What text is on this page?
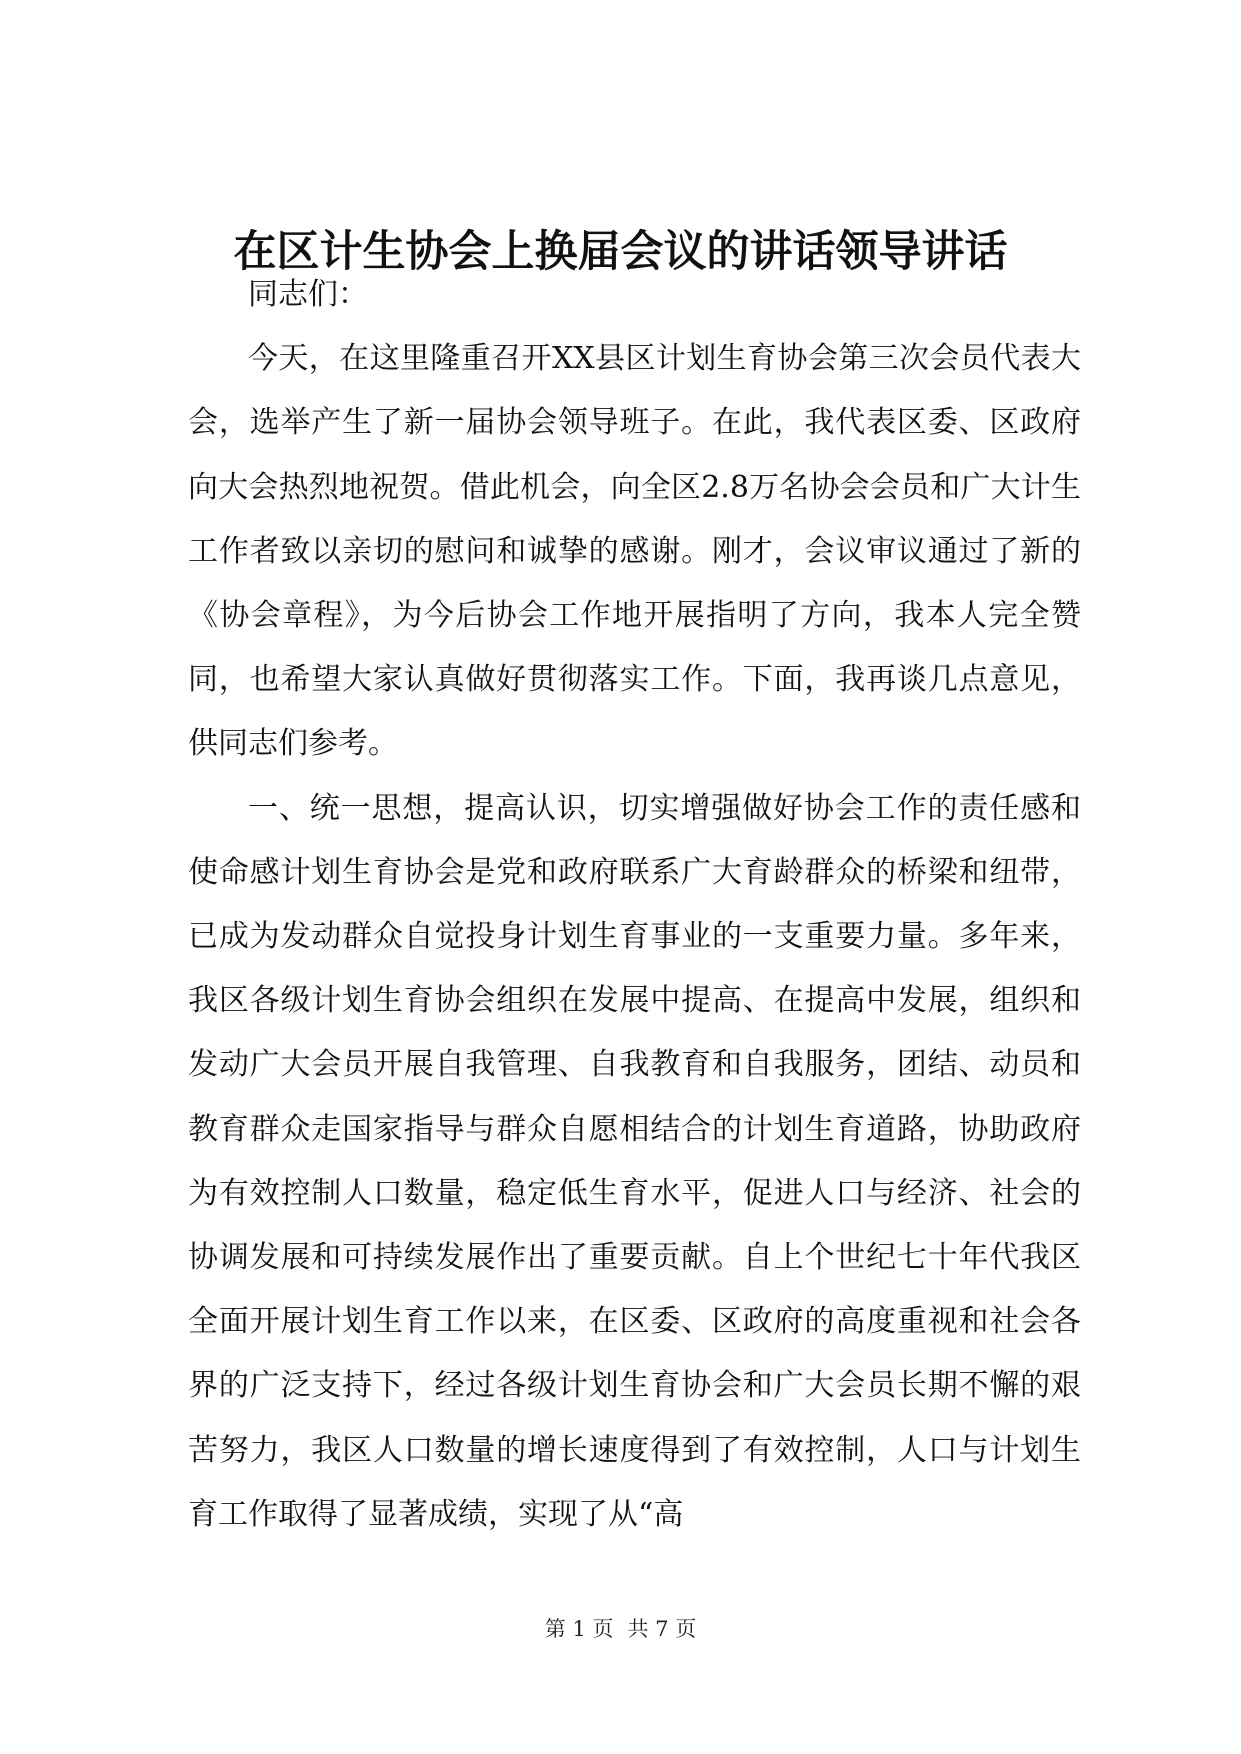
在区计生协会上换届会议的讲话领导讲话

同志们：

今天，在这里隆重召开XX县区计划生育协会第三次会员代表大会，选举产生了新一届协会领导班子。在此，我代表区委、区政府向大会热烈地祝贺。借此机会，向全区2.8万名协会会员和广大计生工作者致以亲切的慰问和诚挚的感谢。刚才，会议审议通过了新的《协会章程》，为今后协会工作地开展指明了方向，我本人完全赞同，也希望大家认真做好贯彻落实工作。下面，我再谈几点意见，供同志们参考。

一、统一思想，提高认识，切实增强做好协会工作的责任感和使命感计划生育协会是党和政府联系广大育龄群众的桥梁和纽带，已成为发动群众自觉投身计划生育事业的一支重要力量。多年来，我区各级计划生育协会组织在发展中提高、在提高中发展，组织和发动广大会员开展自我管理、自我教育和自我服务，团结、动员和教育群众走国家指导与群众自愿相结合的计划生育道路，协助政府为有效控制人口数量，稳定低生育水平，促进人口与经济、社会的协调发展和可持续发展作出了重要贡献。自上个世纪七十年代我区全面开展计划生育工作以来，在区委、区政府的高度重视和社会各界的广泛支持下，经过各级计划生育协会和广大会员长期不懈的艰苦努力，我区人口数量的增长速度得到了有效控制，人口与计划生育工作取得了显著成绩，实现了从“高

第 1 页 共 7 页
